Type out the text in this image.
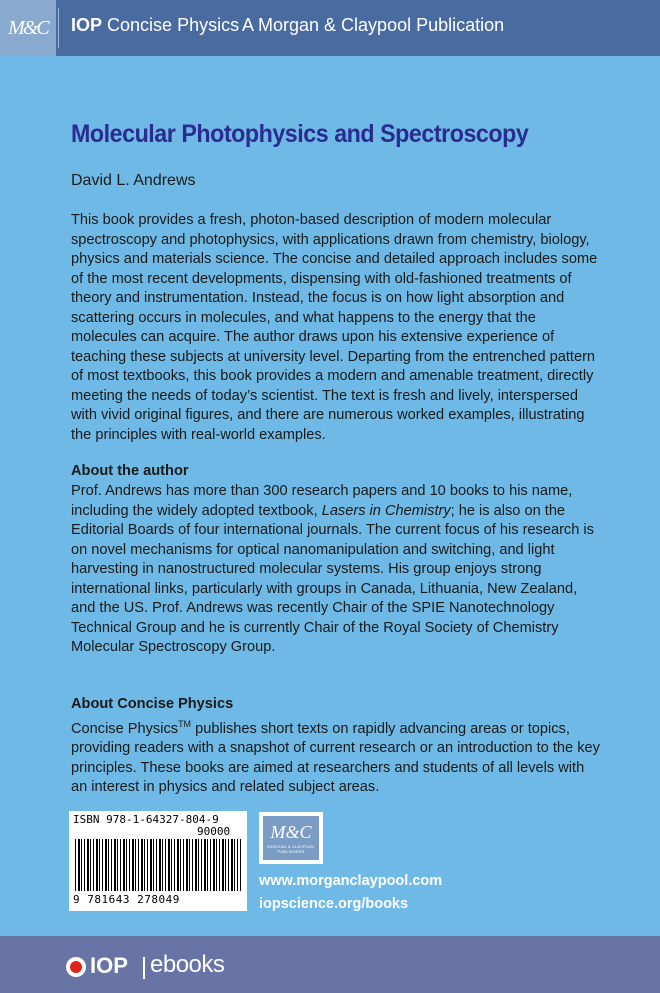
M&C IOP Concise Physics A Morgan & Claypool Publication
Molecular Photophysics and Spectroscopy
David L. Andrews
This book provides a fresh, photon-based description of modern molecular spectroscopy and photophysics, with applications drawn from chemistry, biology, physics and materials science. The concise and detailed approach includes some of the most recent developments, dispensing with old-fashioned treatments of theory and instrumentation. Instead, the focus is on how light absorption and scattering occurs in molecules, and what happens to the energy that the molecules can acquire. The author draws upon his extensive experience of teaching these subjects at university level. Departing from the entrenched pattern of most textbooks, this book provides a modern and amenable treatment, directly meeting the needs of today’s scientist. The text is fresh and lively, interspersed with vivid original figures, and there are numerous worked examples, illustrating the principles with real-world examples.
About the author
Prof. Andrews has more than 300 research papers and 10 books to his name, including the widely adopted textbook, Lasers in Chemistry; he is also on the Editorial Boards of four international journals. The current focus of his research is on novel mechanisms for optical nanomanipulation and switching, and light harvesting in nanostructured molecular systems. His group enjoys strong international links, particularly with groups in Canada, Lithuania, New Zealand, and the US. Prof. Andrews was recently Chair of the SPIE Nanotechnology Technical Group and he is currently Chair of the Royal Society of Chemistry Molecular Spectroscopy Group.
About Concise Physics
Concise Physics™ publishes short texts on rapidly advancing areas or topics, providing readers with a snapshot of current research or an introduction to the key principles. These books are aimed at researchers and students of all levels with an interest in physics and related subject areas.
ISBN 978-1-64327-804-9
90000
9 781643 278049
M&C
MORGAN & CLAYPOOL PUBLISHERS
www.morganclaypool.com
iopscience.org/books
IOP ebooks
